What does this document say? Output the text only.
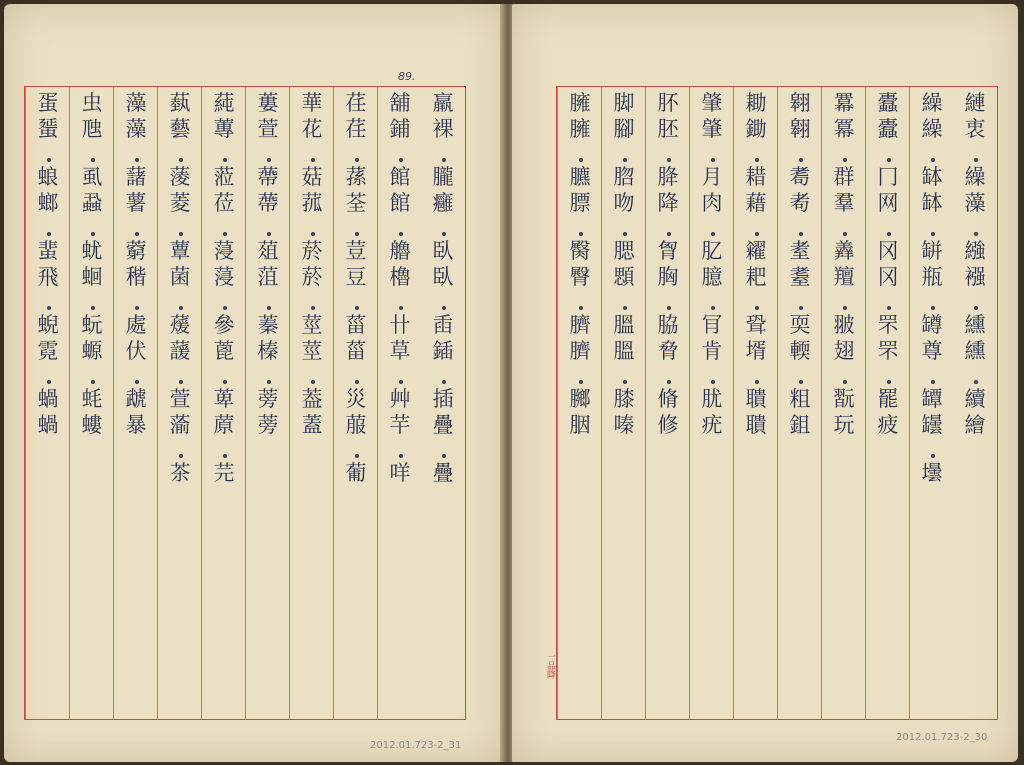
羸
裸
朧
癰
臥
臥
臿
鍤
插
疊
疊
舖
鋪
館
館
艪
櫓
卄
草
艸
芉
咩
荏
荏
蓀
荃
荳
豆
菑
菑
災
菔
葡
華
花
菇
菰
菸
菸
莖
莖
葢
蓋
蔞
萱
蔕
蔕
葅
菹
蓁
榛
蒡
蒡
蒓
蓴
蒞
莅
蓡
蓡
參
蓖
萆
蒝
芫
蓺
藝
蔆
菱
蕈
菌
蕿
蘐
萱
蕍
茶
藻
藻
藷
薯
藭
稭
處
伏
虣
暴
虫
虺
虱
蝨
蚘
蛔
蚖
螈
蚝
螻
蛋
蜑
蜋
螂
蜚
飛
蜺
霓
蝸
蝸
89.
2012.01.723-2_31
縺
衷
繰
藻
繈
襁
纁
纁
續
繪
繰
繰
缽
缽
缾
瓶
罇
尊
罈
罎
壜
蠹
蠹
冂
网
冈
冈
罘
罘
罷
疲
羃
冪
群
羣
羴
羶
翍
翅
翫
玩
翱
翱
耈
耇
耊
耋
耎
輭
粗
鉏
耡
鋤
耤
藉
糴
耙
聓
壻
聵
聵
肇
肇
月
肉
肊
臆
肎
肯
肬
疣
肧
胚
胮
降
胷
胸
脇
脅
脩
修
脚
腳
脗
吻
腮
顋
膃
膃
膝
嗪
臃
臃
臕
膘
臋
臀
臍
臍
膷
胭
一品降
2012.01.723-2_30
